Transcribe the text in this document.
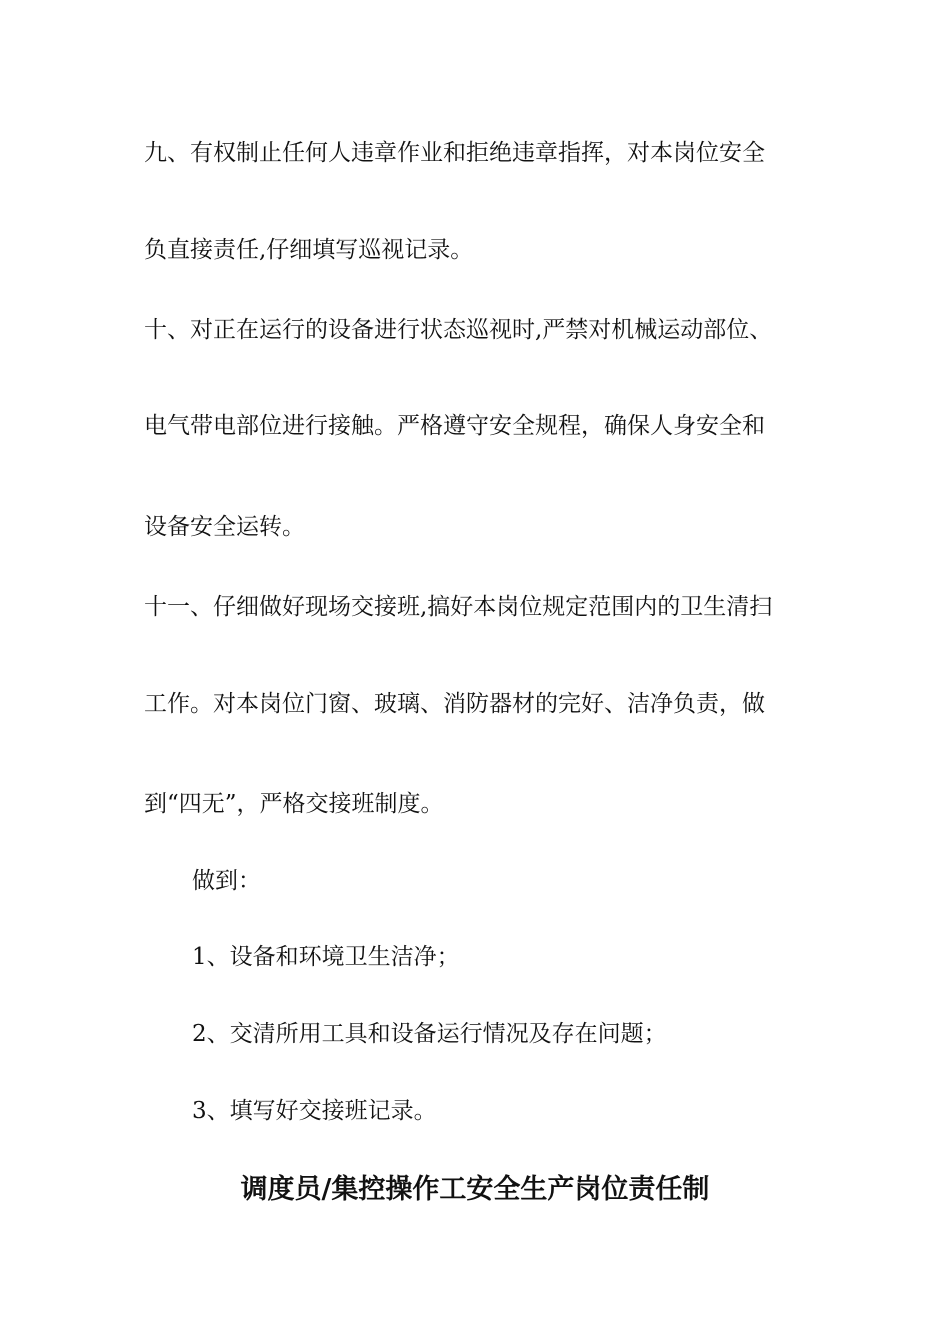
九、有权制止任何人违章作业和拒绝违章指挥，对本岗位安全

负直接责任,仔细填写巡视记录。

十、对正在运行的设备进行状态巡视时,严禁对机械运动部位、

电气带电部位进行接触。严格遵守安全规程，确保人身安全和

设备安全运转。

十一、仔细做好现场交接班,搞好本岗位规定范围内的卫生清扫

工作。对本岗位门窗、玻璃、消防器材的完好、洁净负责，做

到“四无”，严格交接班制度。

做到：

1、设备和环境卫生洁净；

2、交清所用工具和设备运行情况及存在问题；

3、填写好交接班记录。

调度员/集控操作工安全生产岗位责任制
